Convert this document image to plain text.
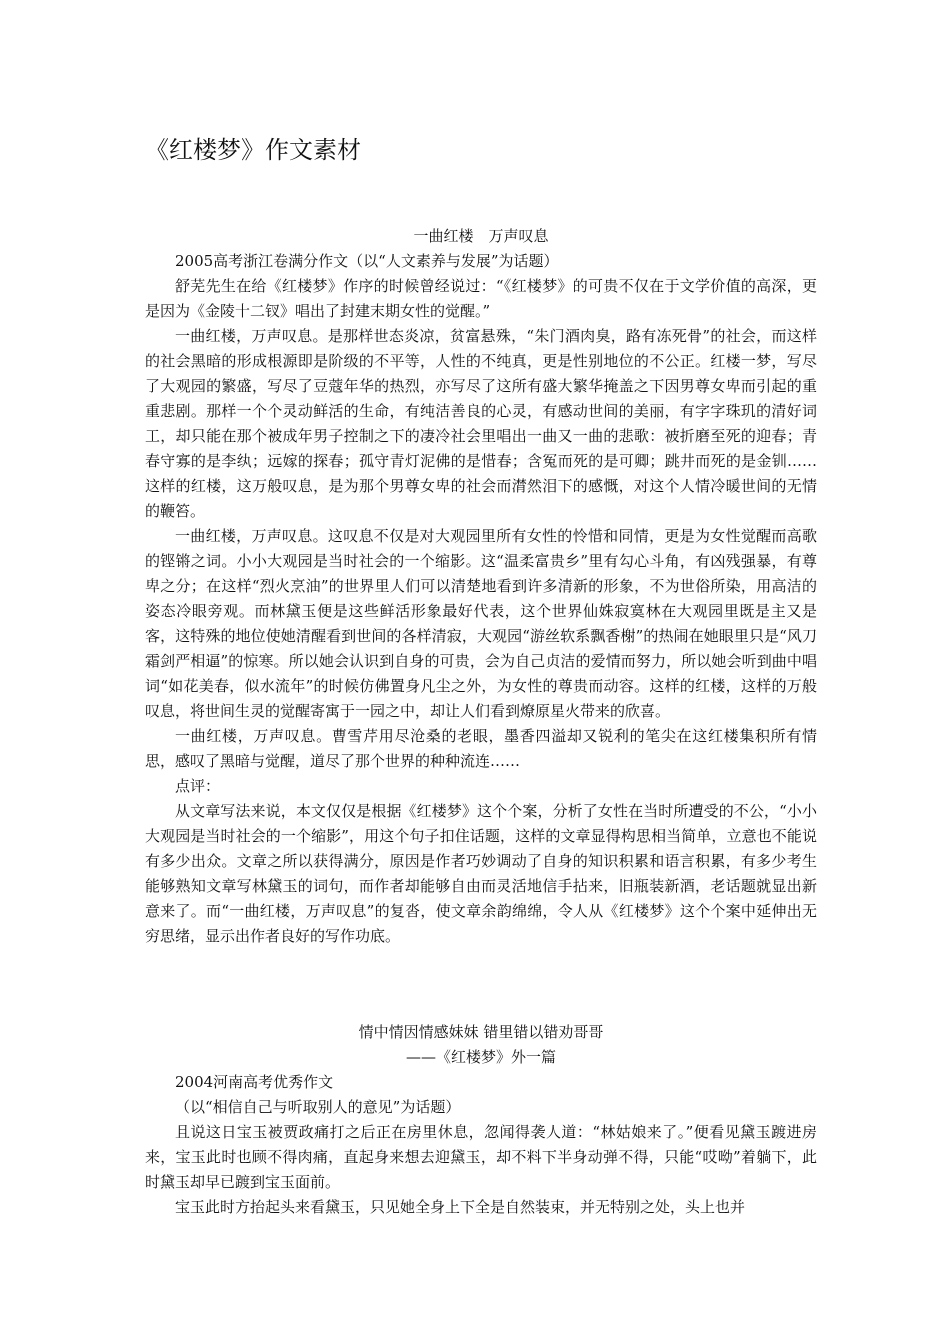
《红楼梦》作文素材

一曲红楼　万声叹息

2005高考浙江卷满分作文（以“人文素养与发展”为话题）

舒芜先生在给《红楼梦》作序的时候曾经说过：“《红楼梦》的可贵不仅在于文学价值的高深，更是因为《金陵十二钗》唱出了封建末期女性的觉醒。”

一曲红楼，万声叹息。是那样世态炎凉，贫富悬殊，“朱门酒肉臭，路有冻死骨”的社会，而这样的社会黑暗的形成根源即是阶级的不平等，人性的不纯真，更是性别地位的不公正。红楼一梦，写尽了大观园的繁盛，写尽了豆蔻年华的热烈，亦写尽了这所有盛大繁华掩盖之下因男尊女卑而引起的重重悲剧。那样一个个灵动鲜活的生命，有纯洁善良的心灵，有感动世间的美丽，有字字珠玑的清好词工，却只能在那个被成年男子控制之下的凄冷社会里唱出一曲又一曲的悲歌：被折磨至死的迎春；青春守寡的是李纨；远嫁的探春；孤守青灯泥佛的是惜春；含冤而死的是可卿；跳井而死的是金钏……这样的红楼，这万般叹息，是为那个男尊女卑的社会而潸然泪下的感慨，对这个人情冷暖世间的无情的鞭笞。

一曲红楼，万声叹息。这叹息不仅是对大观园里所有女性的怜惜和同情，更是为女性觉醒而高歌的铿锵之词。小小大观园是当时社会的一个缩影。这“温柔富贵乡”里有勾心斗角，有凶残强暴，有尊卑之分；在这样“烈火烹油”的世界里人们可以清楚地看到许多清新的形象，不为世俗所染，用高洁的姿态冷眼旁观。而林黛玉便是这些鲜活形象最好代表，这个世界仙姝寂寞林在大观园里既是主又是客，这特殊的地位使她清醒看到世间的各样清寂，大观园“游丝软系飘香榭”的热闹在她眼里只是“风刀霜剑严相逼”的惊寒。所以她会认识到自身的可贵，会为自己贞洁的爱情而努力，所以她会听到曲中唱词“如花美春，似水流年”的时候仿佛置身凡尘之外，为女性的尊贵而动容。这样的红楼，这样的万般叹息，将世间生灵的觉醒寄寓于一园之中，却让人们看到燎原星火带来的欣喜。

一曲红楼，万声叹息。曹雪芹用尽沧桑的老眼，墨香四溢却又锐利的笔尖在这红楼集积所有情思，感叹了黑暗与觉醒，道尽了那个世界的种种流连……

点评：

从文章写法来说，本文仅仅是根据《红楼梦》这个个案，分析了女性在当时所遭受的不公，“小小大观园是当时社会的一个缩影”，用这个句子扣住话题，这样的文章显得构思相当简单，立意也不能说有多少出众。文章之所以获得满分，原因是作者巧妙调动了自身的知识积累和语言积累，有多少考生能够熟知文章写林黛玉的词句，而作者却能够自由而灵活地信手拈来，旧瓶装新酒，老话题就显出新意来了。而“一曲红楼，万声叹息”的复沓，使文章余韵绵绵，令人从《红楼梦》这个个案中延伸出无穷思绪，显示出作者良好的写作功底。

情中情因情感妹妹 错里错以错劝哥哥

——《红楼梦》外一篇

2004河南高考优秀作文

（以“相信自己与听取别人的意见”为话题）

且说这日宝玉被贾政痛打之后正在房里休息，忽闻得袭人道：“林姑娘来了。”便看见黛玉踱进房来，宝玉此时也顾不得肉痛，直起身来想去迎黛玉，却不料下半身动弹不得，只能“哎呦”着躺下，此时黛玉却早已踱到宝玉面前。

宝玉此时方抬起头来看黛玉，只见她全身上下全是自然装束，并无特别之处，头上也并
